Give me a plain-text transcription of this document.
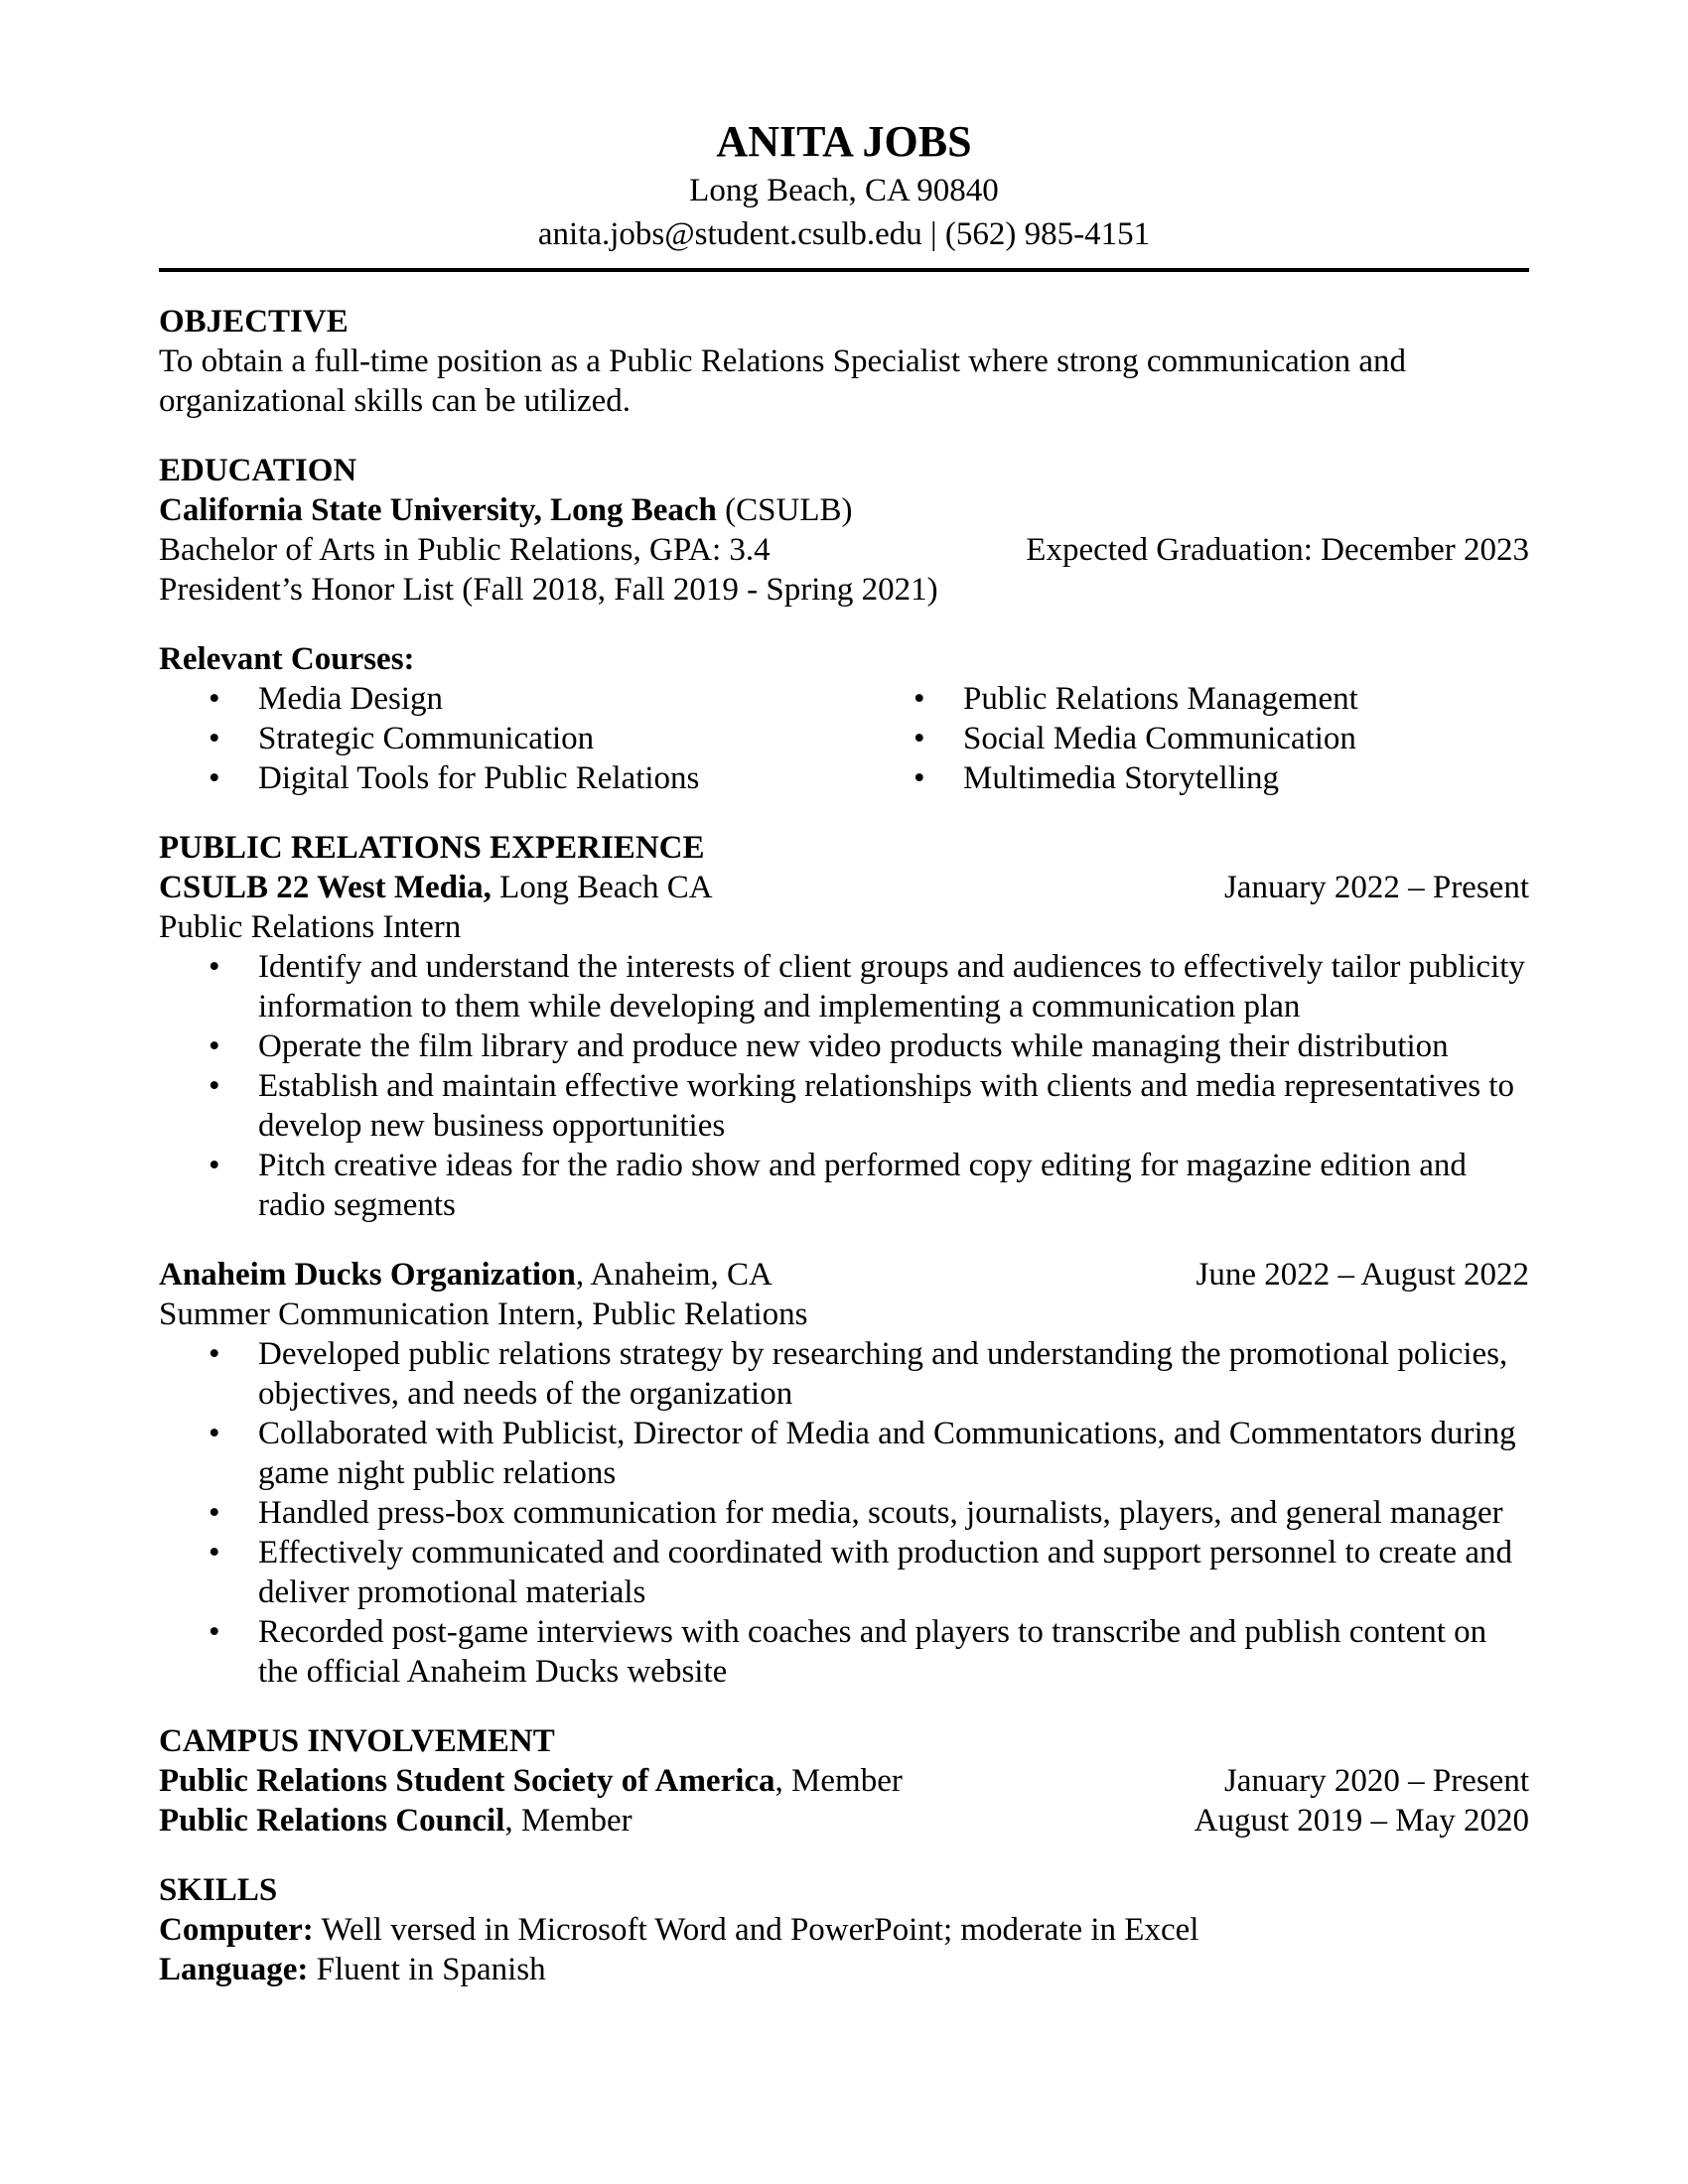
ANITA JOBS
Long Beach, CA 90840
anita.jobs@student.csulb.edu | (562) 985-4151
OBJECTIVE
To obtain a full-time position as a Public Relations Specialist where strong communication and organizational skills can be utilized.
EDUCATION
California State University, Long Beach (CSULB)
Bachelor of Arts in Public Relations, GPA: 3.4	Expected Graduation: December 2023
President’s Honor List (Fall 2018, Fall 2019 - Spring 2021)
Relevant Courses:
• Media Design
• Strategic Communication
• Digital Tools for Public Relations
• Public Relations Management
• Social Media Communication
• Multimedia Storytelling
PUBLIC RELATIONS EXPERIENCE
CSULB 22 West Media, Long Beach CA	January 2022 – Present
Public Relations Intern
• Identify and understand the interests of client groups and audiences to effectively tailor publicity information to them while developing and implementing a communication plan
• Operate the film library and produce new video products while managing their distribution
• Establish and maintain effective working relationships with clients and media representatives to develop new business opportunities
• Pitch creative ideas for the radio show and performed copy editing for magazine edition and radio segments
Anaheim Ducks Organization, Anaheim, CA	June 2022 – August 2022
Summer Communication Intern, Public Relations
• Developed public relations strategy by researching and understanding the promotional policies, objectives, and needs of the organization
• Collaborated with Publicist, Director of Media and Communications, and Commentators during game night public relations
• Handled press-box communication for media, scouts, journalists, players, and general manager
• Effectively communicated and coordinated with production and support personnel to create and deliver promotional materials
• Recorded post-game interviews with coaches and players to transcribe and publish content on the official Anaheim Ducks website
CAMPUS INVOLVEMENT
Public Relations Student Society of America, Member	January 2020 – Present
Public Relations Council, Member	August 2019 – May 2020
SKILLS
Computer: Well versed in Microsoft Word and PowerPoint; moderate in Excel
Language: Fluent in Spanish
